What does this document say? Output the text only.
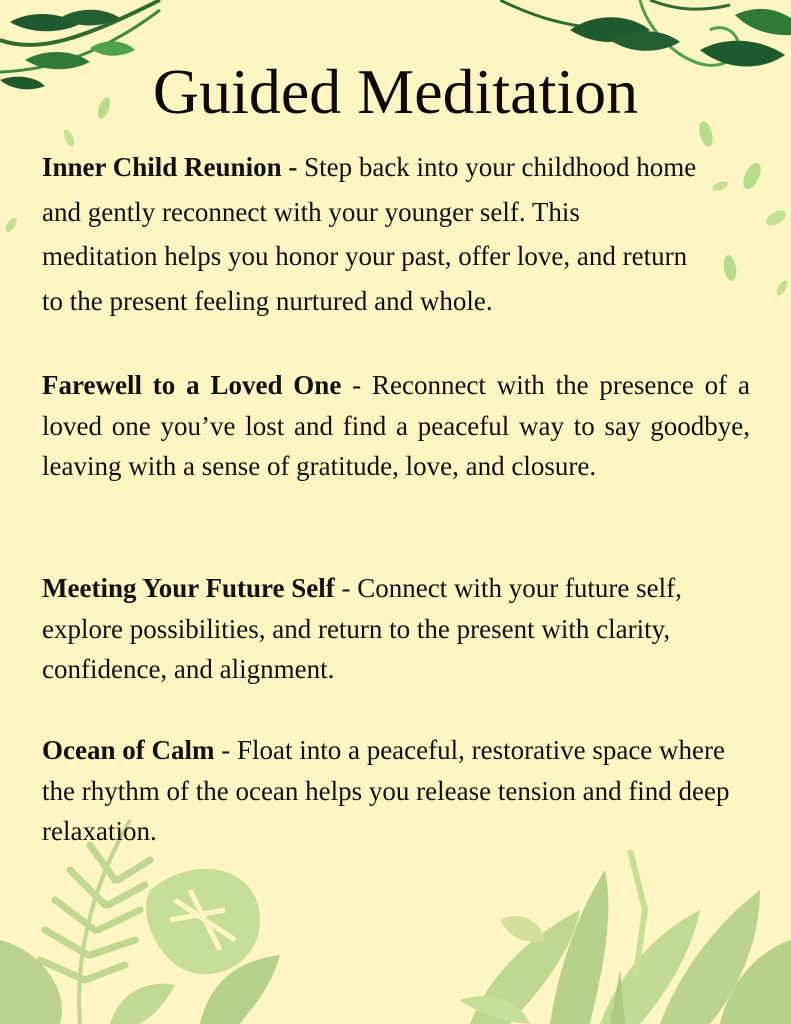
Guided Meditation

Inner Child Reunion - Step back into your childhood home and gently reconnect with your younger self. This meditation helps you honor your past, offer love, and return to the present feeling nurtured and whole.

Farewell to a Loved One - Reconnect with the presence of a loved one you’ve lost and find a peaceful way to say goodbye, leaving with a sense of gratitude, love, and closure.

Meeting Your Future Self - Connect with your future self, explore possibilities, and return to the present with clarity, confidence, and alignment.

Ocean of Calm - Float into a peaceful, restorative space where the rhythm of the ocean helps you release tension and find deep relaxation.
